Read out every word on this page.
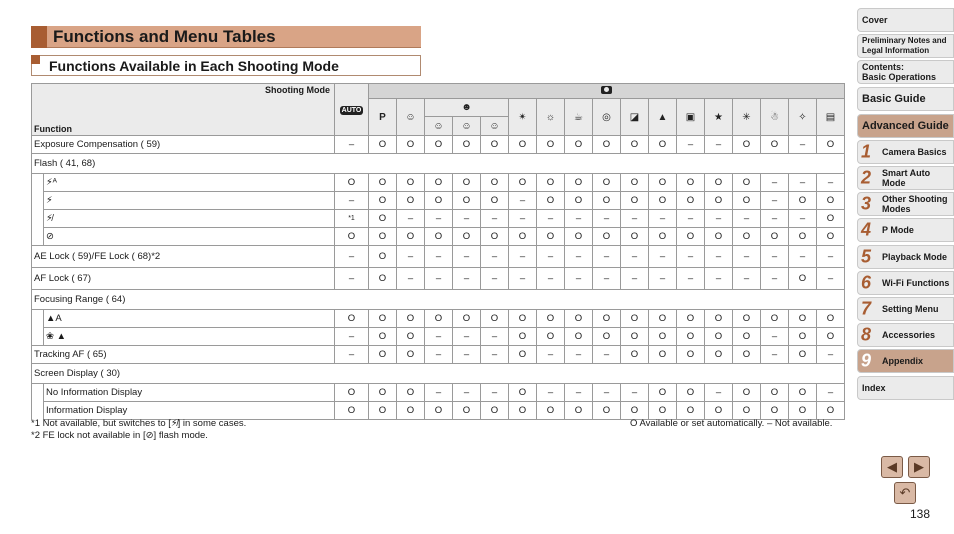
Functions and Menu Tables
Functions Available in Each Shooting Mode
Shooting Mode
Function		AUTO																	
			P	☺	☻			✴	☼	☕	◎	◪	▲	▣	★	✳	☃	✧	▤
					☺	☺	☺												
Exposure Compensation ( 59)		–	O	O	O	O	O	O	O	O	O	O	O	–	–	O	O	–	O
Flash ( 41, 68)																			
	⚡ᴬ	O	O	O	O	O	O	O	O	O	O	O	O	O	O	O	–	–	–
	⚡	–	O	O	O	O	O	–	O	O	O	O	O	O	O	O	–	O	O
	⚡̸	*1	O	–	–	–	–	–	–	–	–	–	–	–	–	–	–	–	O
	⊘	O	O	O	O	O	O	O	O	O	O	O	O	O	O	O	O	O	O
AE Lock ( 59)/FE Lock ( 68)*2		–	O	–	–	–	–	–	–	–	–	–	–	–	–	–	–	–	–
AF Lock ( 67)		–	O	–	–	–	–	–	–	–	–	–	–	–	–	–	–	O	–
Focusing Range ( 64)																			
	▲A	O	O	O	O	O	O	O	O	O	O	O	O	O	O	O	O	O	O
	❀ ▲	–	O	O	–	–	–	O	O	O	O	O	O	O	O	O	–	O	O
Tracking AF ( 65)		–	O	O	–	–	–	O	–	–	–	O	O	O	O	O	–	O	–
Screen Display ( 30)																			
	No Information Display	O	O	O	–	–	–	O	–	–	–	–	O	O	–	O	O	O	–
	Information Display	O	O	O	O	O	O	O	O	O	O	O	O	O	O	O	O	O	O
*1 Not available, but switches to [⚡̸] in some cases.
*2 FE lock not available in [⊘] flash mode.
O Available or set automatically. – Not available.
Cover
Preliminary Notes and
Legal Information
Contents:
Basic Operations
Basic Guide
Advanced Guide
1 Camera Basics
2 Smart Auto
Mode
3 Other Shooting
Modes
4 P Mode
5 Playback Mode
6 Wi-Fi Functions
7 Setting Menu
8 Accessories
9 Appendix
Index
◀	▶
↶
138
